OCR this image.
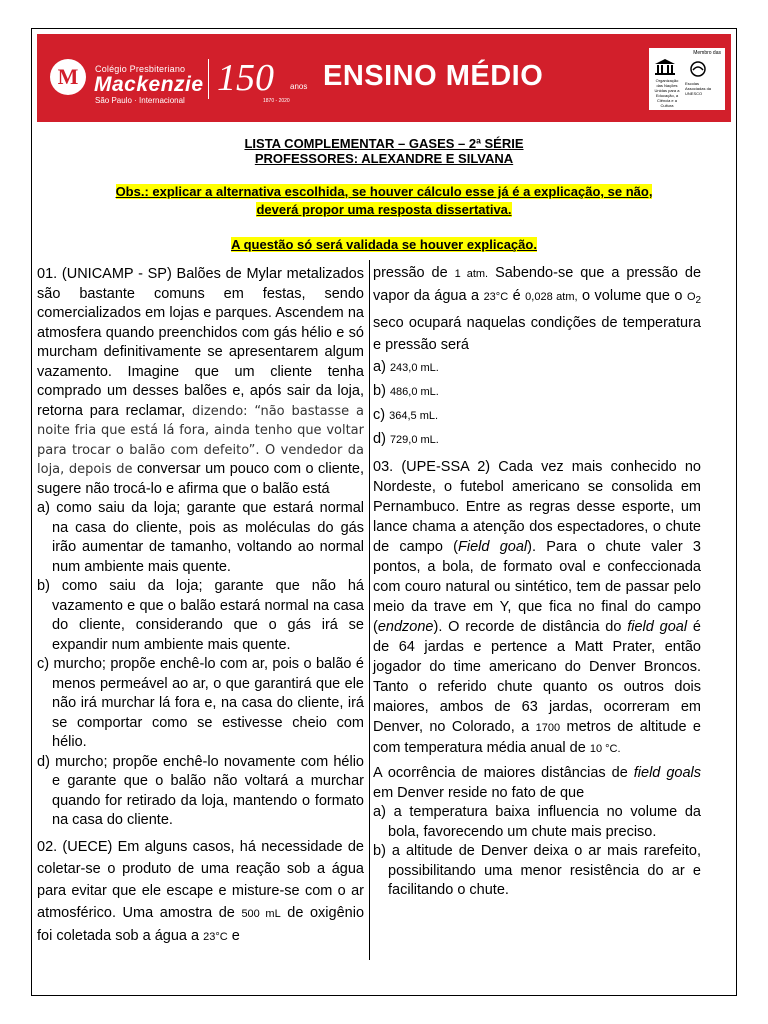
M Colégio Presbiteriano
Mackenzie
São Paulo · Internacional
150 anos
1870 - 2020
ENSINO MÉDIO
Membro das
Organização das Nações Unidas para a Educação, a Ciência e a Cultura
Escolas Associadas da UNESCO
LISTA COMPLEMENTAR – GASES – 2ª SÉRIE
PROFESSORES: ALEXANDRE E SILVANA
Obs.: explicar a alternativa escolhida, se houver cálculo esse já é a explicação, se não,
deverá propor uma resposta dissertativa.
A questão só será validada se houver explicação.

01. (UNICAMP - SP) Balões de Mylar metalizados são bastante comuns em festas, sendo comercializados em lojas e parques. Ascendem na atmosfera quando preenchidos com gás hélio e só murcham definitivamente se apresentarem algum vazamento. Imagine que um cliente tenha comprado um desses balões e, após sair da loja, retorna para reclamar, dizendo: “não bastasse a noite fria que está lá fora, ainda tenho que voltar para trocar o balão com defeito”. O vendedor da loja, depois de conversar um pouco com o cliente, sugere não trocá-lo e afirma que o balão está

a) como saiu da loja; garante que estará normal na casa do cliente, pois as moléculas do gás irão aumentar de tamanho, voltando ao normal num ambiente mais quente.

b) como saiu da loja; garante que não há vazamento e que o balão estará normal na casa do cliente, considerando que o gás irá se expandir num ambiente mais quente.

c) murcho; propõe enchê-lo com ar, pois o balão é menos permeável ao ar, o que garantirá que ele não irá murchar lá fora e, na casa do cliente, irá se comportar como se estivesse cheio com hélio.

d) murcho; propõe enchê-lo novamente com hélio e garante que o balão não voltará a murchar quando for retirado da loja, mantendo o formato na casa do cliente.

02. (UECE) Em alguns casos, há necessidade de coletar-se o produto de uma reação sob a água para evitar que ele escape e misture-se com o ar atmosférico. Uma amostra de 500 mL de oxigênio foi coletada sob a água a 23°C e

pressão de 1 atm. Sabendo-se que a pressão de vapor da água a 23°C é 0,028 atm, o volume que o O2 seco ocupará naquelas condições de temperatura e pressão será

a) 243,0 mL.

b) 486,0 mL.

c) 364,5 mL.

d) 729,0 mL.

03. (UPE-SSA 2) Cada vez mais conhecido no Nordeste, o futebol americano se consolida em Pernambuco. Entre as regras desse esporte, um lance chama a atenção dos espectadores, o chute de campo (Field goal). Para o chute valer 3 pontos, a bola, de formato oval e confeccionada com couro natural ou sintético, tem de passar pelo meio da trave em Y, que fica no final do campo (endzone). O recorde de distância do field goal é de 64 jardas e pertence a Matt Prater, então jogador do time americano do Denver Broncos. Tanto o referido chute quanto os outros dois maiores, ambos de 63 jardas, ocorreram em Denver, no Colorado, a 1700 metros de altitude e com temperatura média anual de 10 °C.

A ocorrência de maiores distâncias de field goals em Denver reside no fato de que

a) a temperatura baixa influencia no volume da bola, favorecendo um chute mais preciso.

b) a altitude de Denver deixa o ar mais rarefeito, possibilitando uma menor resistência do ar e facilitando o chute.
